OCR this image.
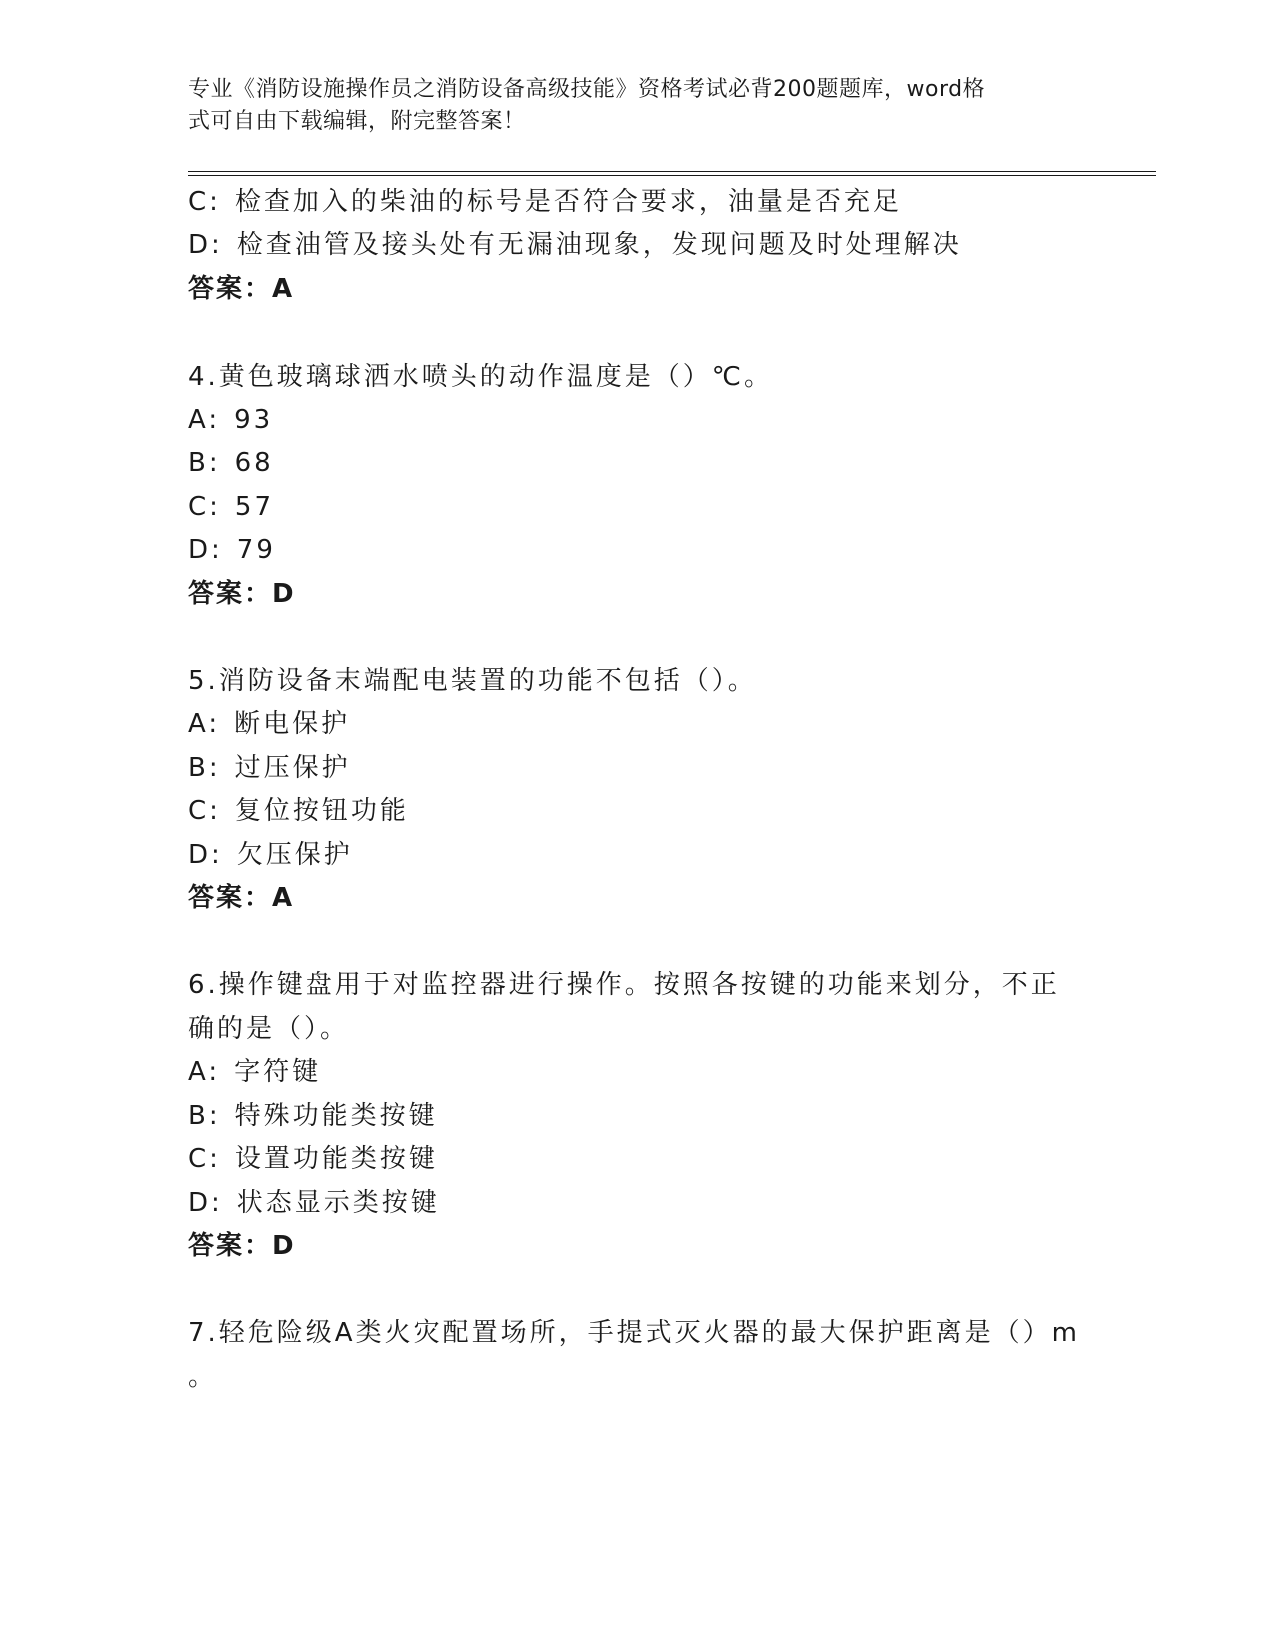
专业《消防设施操作员之消防设备高级技能》资格考试必背200题题库，word格
式可自由下载编辑，附完整答案！
C: 检查加入的柴油的标号是否符合要求，油量是否充足
D: 检查油管及接头处有无漏油现象，发现问题及时处理解决
答案：A
4.黄色玻璃球洒水喷头的动作温度是（）℃。
A: 93
B: 68
C: 57
D: 79
答案：D
5.消防设备末端配电装置的功能不包括（）。
A: 断电保护
B: 过压保护
C: 复位按钮功能
D: 欠压保护
答案：A
6.操作键盘用于对监控器进行操作。按照各按键的功能来划分，不正
确的是（）。
A: 字符键
B: 特殊功能类按键
C: 设置功能类按键
D: 状态显示类按键
答案：D
7.轻危险级A类火灾配置场所，手提式灭火器的最大保护距离是（）m
。
